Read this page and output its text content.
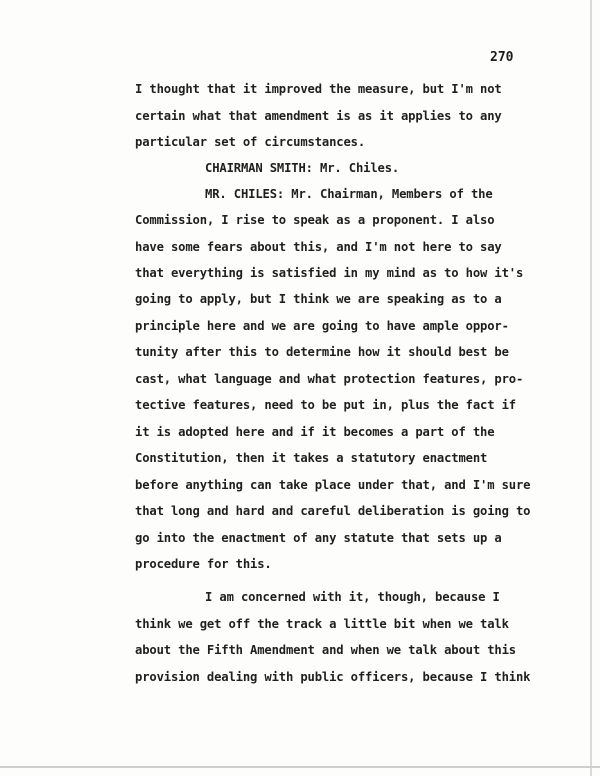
270
I thought that it improved the measure, but I'm not
certain what that amendment is as it applies to any
particular set of circumstances.
CHAIRMAN SMITH: Mr. Chiles.
MR. CHILES: Mr. Chairman, Members of the
Commission, I rise to speak as a proponent. I also
have some fears about this, and I'm not here to say
that everything is satisfied in my mind as to how it's
going to apply, but I think we are speaking as to a
principle here and we are going to have ample oppor-
tunity after this to determine how it should best be
cast, what language and what protection features, pro-
tective features, need to be put in, plus the fact if
it is adopted here and if it becomes a part of the
Constitution, then it takes a statutory enactment
before anything can take place under that, and I'm sure
that long and hard and careful deliberation is going to
go into the enactment of any statute that sets up a
procedure for this.
I am concerned with it, though, because I
think we get off the track a little bit when we talk
about the Fifth Amendment and when we talk about this
provision dealing with public officers, because I think
